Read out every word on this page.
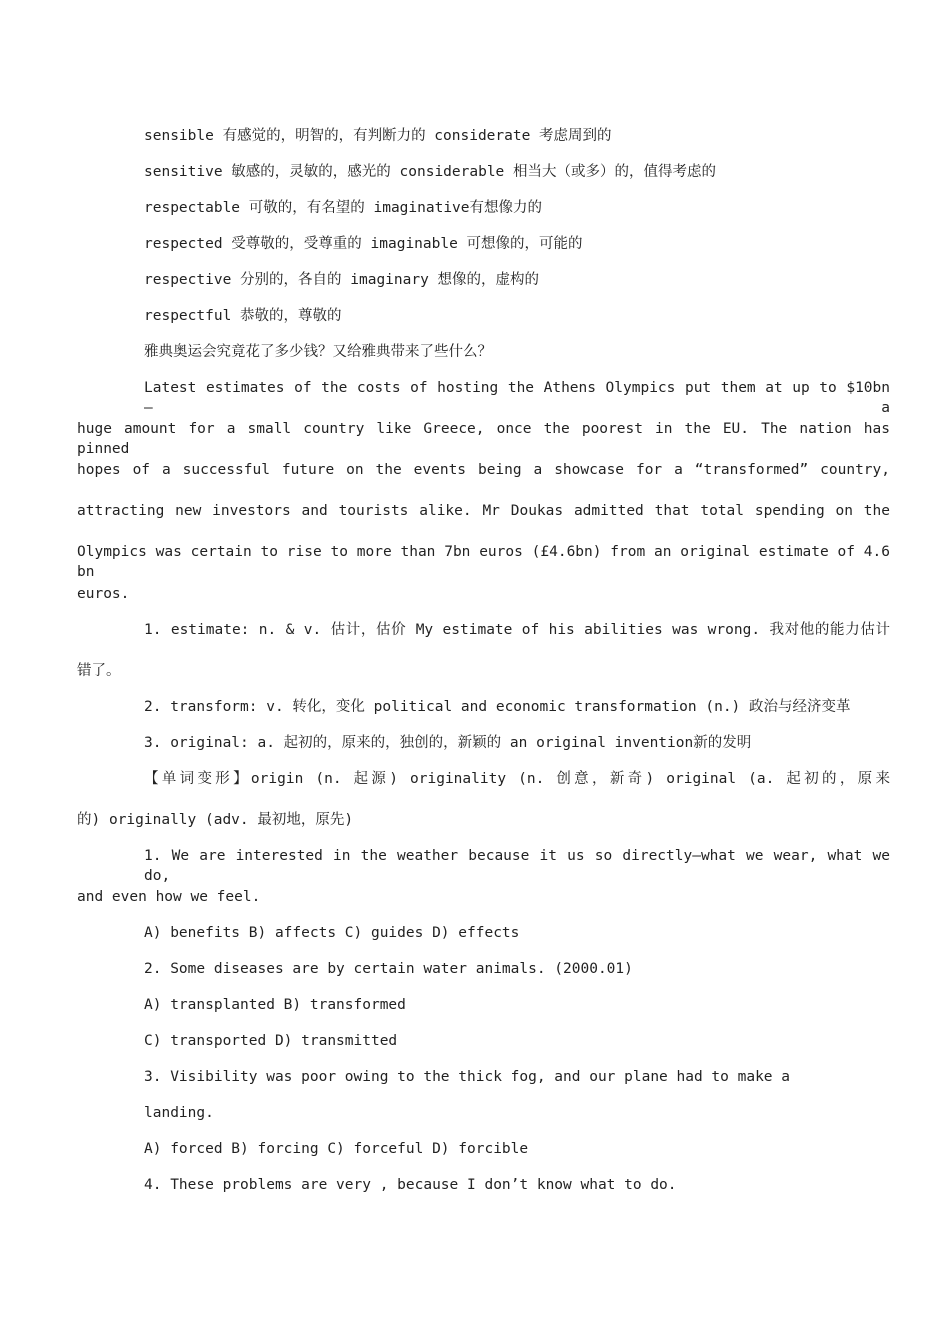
sensible 有感觉的，明智的，有判断力的 considerate 考虑周到的

sensitive 敏感的，灵敏的，感光的 considerable 相当大（或多）的，值得考虑的

respectable 可敬的，有名望的 imaginative有想像力的

respected 受尊敬的，受尊重的 imaginable 可想像的，可能的

respective 分别的，各自的 imaginary 想像的，虚构的

respectful 恭敬的，尊敬的

雅典奥运会究竟花了多少钱？又给雅典带来了些什么？

Latest estimates of the costs of hosting the Athens Olympics put them at up to $10bn — a

huge amount for a small country like Greece, once the poorest in the EU. The nation has pinned

hopes of a successful future on the events being a showcase for a “transformed” country,

attracting new investors and tourists alike. Mr Doukas admitted that total spending on the

Olympics was certain to rise to more than 7bn euros (£4.6bn) from an original estimate of 4.6 bn

euros.

1. estimate: n. & v. 估计，估价 My estimate of his abilities was wrong. 我对他的能力估计

错了。

2. transform: v. 转化，变化 political and economic transformation (n.) 政治与经济变革

3. original: a. 起初的，原来的，独创的，新颖的 an original invention新的发明

【单词变形】origin (n. 起源) originality (n. 创意，新奇) original (a. 起初的，原来

的) originally (adv. 最初地，原先)

1. We are interested in the weather because it us so directly—what we wear, what we do,

and even how we feel.

A) benefits B) affects C) guides D) effects

2. Some diseases are by certain water animals. (2000.01)

A) transplanted B) transformed

C) transported D) transmitted

3. Visibility was poor owing to the thick fog, and our plane had to make a

landing.

A) forced B) forcing C) forceful D) forcible

4. These problems are very , because I don’t know what to do.
